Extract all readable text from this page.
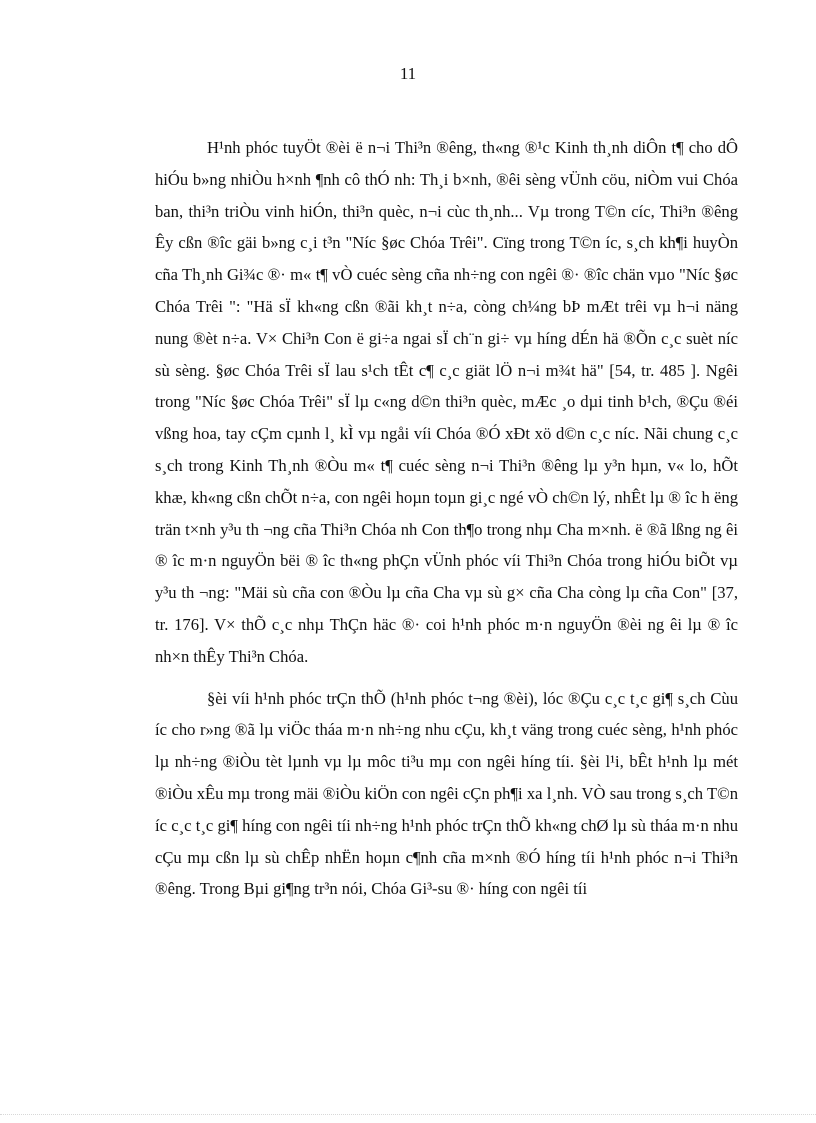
11

H¹nh phóc tuyÖt ®èi ë n¬i Thi³n ®êng, th«ng ®¹c Kinh th¸nh diÔn t¶ cho dÔ hiÓu b»ng nhiÒu h×nh ¶nh cô thÓ nh: Th¸i b×nh, ®êi sèng vÜnh cöu, niÒm vui Chóa ban, thi³n triÒu vinh hiÓn, thi³n quèc, n¬i cùc th¸nh... Vµ trong T©n cíc, Thi³n ®êng Êy cßn ®îc gäi b»ng c¸i t³n "Níc §øc Chóa Trêi". Cïng trong T©n íc, s¸ch kh¶i huyÒn cña Th¸nh Gi¾c ®· m« t¶ vÒ cuéc sèng cña nh÷ng con ngêi ®· ®îc chän vµo "Níc §øc Chóa Trêi ": "Hä sÏ kh«ng cßn ®ãi kh¸t n÷a, còng ch¼ng bÞ mÆt trêi vµ h¬i näng nung ®èt n÷a. V× Chi³n Con ë gi÷a ngai sÏ ch¨n gi÷ vµ híng dÉn hä ®Õn c¸c suèt níc sù sèng. §øc Chóa Trêi sÏ lau s¹ch tÊt c¶ c¸c giät lÖ n¬i m¾t hä" [54, tr. 485 ]. Ngêi trong "Níc §øc Chóa Trêi" sÏ lµ c«ng d©n thi³n quèc, mÆc ¸o dµi tinh b¹ch, ®Çu ®éi vßng hoa, tay cÇm cµnh l¸ kÌ vµ ngåi víi Chóa ®Ó xÐt xö d©n c¸c níc. Nãi chung c¸c s¸ch trong Kinh Th¸nh ®Òu m« t¶ cuéc sèng n¬i Thi³n ®êng lµ y³n hµn, v« lo, hÕt khæ, kh«ng cßn chÕt n÷a, con ngêi hoµn toµn gi¸c ngé vÒ ch©n lý, nhÊt lµ ® îc h ëng trän t×nh y³u th ¬ng cña Thi³n Chóa nh Con th¶o trong nhµ Cha m×nh. ë ®ã lßng ng êi ® îc m·n nguyÖn bëi ® îc th«ng phÇn vÜnh phóc víi Thi³n Chóa trong hiÓu biÕt vµ y³u th ¬ng: "Mäi sù cña con ®Òu lµ cña Cha vµ sù g× cña Cha còng lµ cña Con" [37, tr. 176]. V× thÕ c¸c nhµ ThÇn häc ®· coi h¹nh phóc m·n nguyÖn ®èi ng êi lµ ® îc nh×n thÊy Thi³n Chóa.

§èi víi h¹nh phóc trÇn thÕ (h¹nh phóc t¬ng ®èi), lóc ®Çu c¸c t¸c gi¶ s¸ch Cùu íc cho r»ng ®ã lµ viÖc tháa m·n nh÷ng nhu cÇu, kh¸t väng trong cuéc sèng, h¹nh phóc lµ nh÷ng ®iÒu tèt lµnh vµ lµ môc ti³u mµ con ngêi híng tíi. §èi l¹i, bÊt h¹nh lµ mét ®iÒu xÊu mµ trong mäi ®iÒu kiÖn con ngêi cÇn ph¶i xa l¸nh. VÒ sau trong s¸ch T©n íc c¸c t¸c gi¶ híng con ngêi tíi nh÷ng h¹nh phóc trÇn thÕ kh«ng chØ lµ sù tháa m·n nhu cÇu mµ cßn lµ sù chÊp nhËn hoµn c¶nh cña m×nh ®Ó híng tíi h¹nh phóc n¬i Thi³n ®êng. Trong Bµi gi¶ng tr³n nói, Chóa Gi³-su ®· híng con ngêi tíi
